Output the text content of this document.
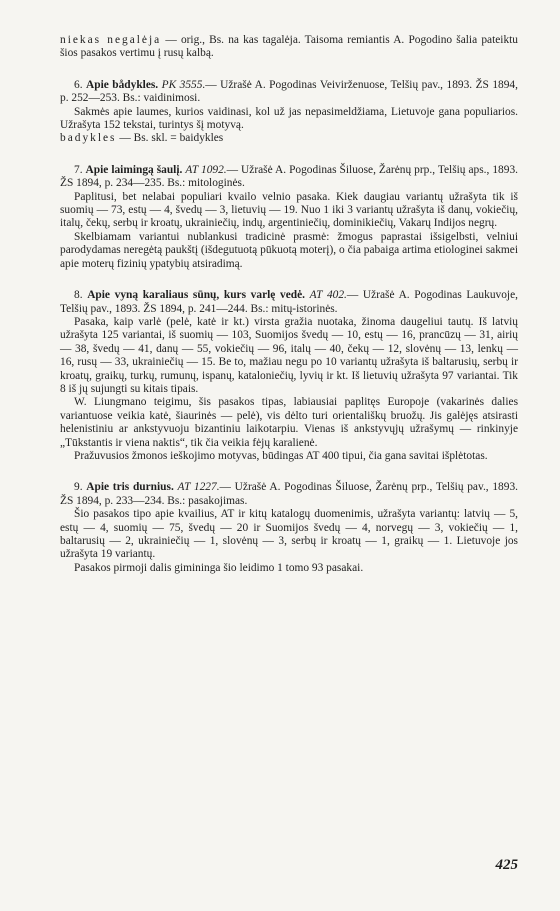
niekas negalėja — orig., Bs. na kas tagalėja. Taisoma remiantis A. Pogodino šalia pateiktu šios pasakos vertimu į rusų kalbą.

6. Apie bådykles. PK 3555.— Užrašė A. Pogodinas Veivirženuose, Telšių pav., 1893. ŽS 1894, p. 252—253. Bs.: vaidinimosi.

Sakmės apie laumes, kurios vaidinasi, kol už jas nepasimeldžiama, Lietuvoje gana populiarios. Užrašyta 152 tekstai, turintys šį motyvą.

badykles — Bs. skl. = baidykles

7. Apie laimingą šaulį. AT 1092.— Užrašė A. Pogodinas Šiluose, Žarėnų prp., Telšių aps., 1893. ŽS 1894, p. 234—235. Bs.: mitologinės.

Paplitusi, bet nelabai populiari kvailo velnio pasaka. Kiek daugiau variantų užrašyta tik iš suomių — 73, estų — 4, švedų — 3, lietuvių — 19. Nuo 1 iki 3 variantų užrašyta iš danų, vokiečių, italų, čekų, serbų ir kroatų, ukrainiečių, indų, argentiniečių, dominikiečių, Vakarų Indijos negrų.

Skelbiamam variantui nublankusi tradicinė prasmė: žmogus paprastai išsigelbsti, velniui parodydamas neregėtą paukštį (išdegutuotą pūkuotą moterį), o čia pabaiga artima etiologinei sakmei apie moterų fizinių ypatybių atsiradimą.

8. Apie vyną karaliaus sūnų, kurs varlę vedė. AT 402.— Užrašė A. Pogodinas Laukuvoje, Telšių pav., 1893. ŽS 1894, p. 241—244. Bs.: mitų-istorinės.

Pasaka, kaip varlė (pelė, katė ir kt.) virsta gražia nuotaka, žinoma daugeliui tautų. Iš latvių užrašyta 125 variantai, iš suomių — 103, Suomijos švedų — 10, estų — 16, prancūzų — 31, airių — 38, švedų — 41, danų — 55, vokiečių — 96, italų — 40, čekų — 12, slovėnų — 13, lenkų — 16, rusų — 33, ukrainiečių — 15. Be to, mažiau negu po 10 variantų užrašyta iš baltarusių, serbų ir kroatų, graikų, turkų, rumunų, ispanų, kataloniečių, lyvių ir kt. Iš lietuvių užrašyta 97 variantai. Tik 8 iš jų sujungti su kitais tipais.

W. Liungmano teigimu, šis pasakos tipas, labiausiai paplitęs Europoje (vakarinės dalies variantuose veikia katė, šiaurinės — pelė), vis dėlto turi orientališkų bruožų. Jis galėjęs atsirasti helenistiniu ar ankstyvuoju bizantiniu laikotarpiu. Vienas iš ankstyvųjų užrašymų — rinkinyje „Tūkstantis ir viena naktis“, tik čia veikia fėjų karalienė.

Pražuvusios žmonos ieškojimo motyvas, būdingas AT 400 tipui, čia gana savitai išplėtotas.

9. Apie tris durnius. AT 1227.— Užrašė A. Pogodinas Šiluose, Žarėnų prp., Telšių pav., 1893. ŽS 1894, p. 233—234. Bs.: pasakojimas.

Šio pasakos tipo apie kvailius, AT ir kitų katalogų duomenimis, užrašyta variantų: latvių — 5, estų — 4, suomių — 75, švedų — 20 ir Suomijos švedų — 4, norvegų — 3, vokiečių — 1, baltarusių — 2, ukrainiečių — 1, slovėnų — 3, serbų ir kroatų — 1, graikų — 1. Lietuvoje jos užrašyta 19 variantų.

Pasakos pirmoji dalis gimininga šio leidimo 1 tomo 93 pasakai.

425
